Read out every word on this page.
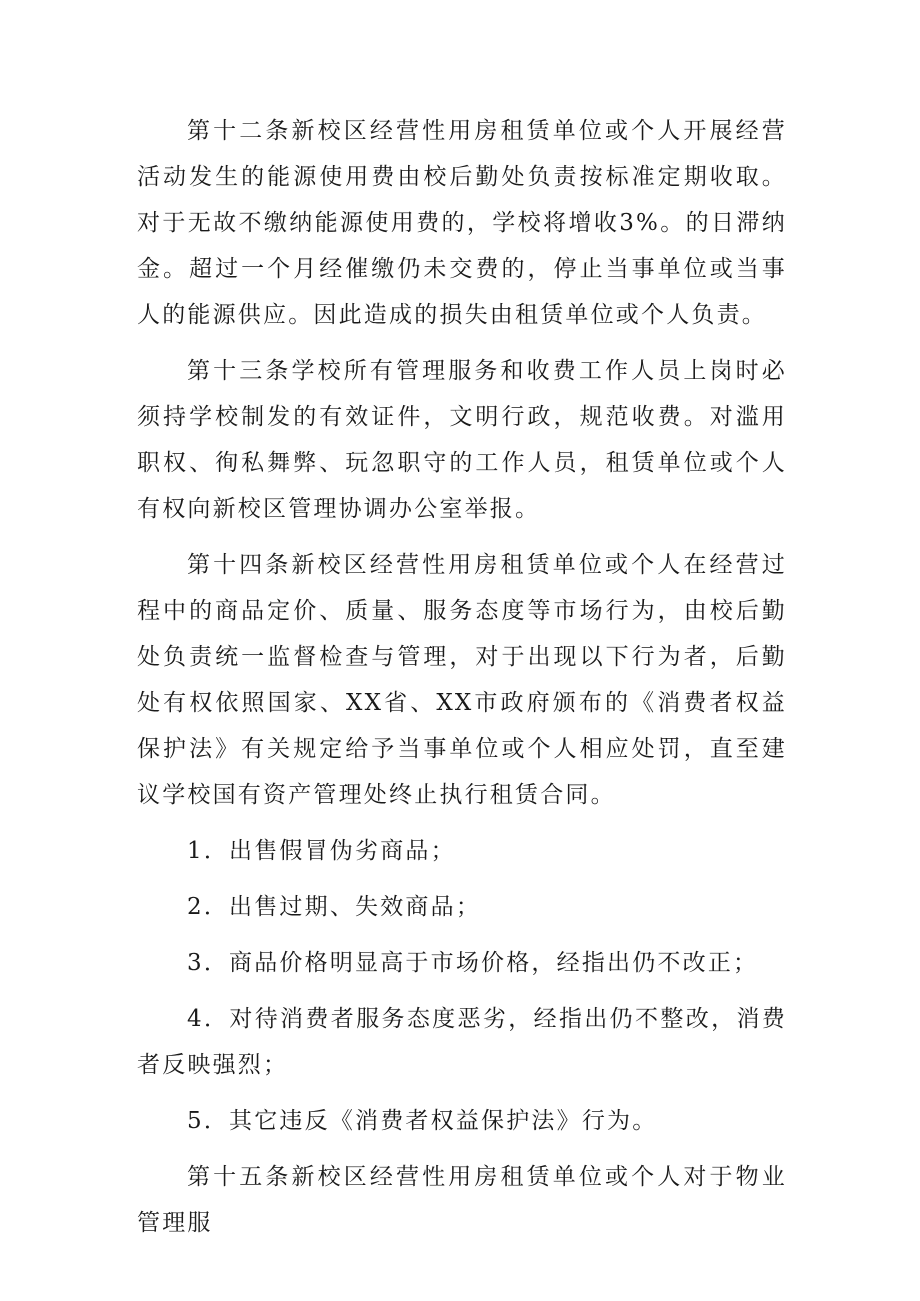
第十二条新校区经营性用房租赁单位或个人开展经营活动发生的能源使用费由校后勤处负责按标准定期收取。对于无故不缴纳能源使用费的，学校将增收3%。的日滞纳金。超过一个月经催缴仍未交费的，停止当事单位或当事人的能源供应。因此造成的损失由租赁单位或个人负责。

第十三条学校所有管理服务和收费工作人员上岗时必须持学校制发的有效证件，文明行政，规范收费。对滥用职权、徇私舞弊、玩忽职守的工作人员，租赁单位或个人有权向新校区管理协调办公室举报。

第十四条新校区经营性用房租赁单位或个人在经营过程中的商品定价、质量、服务态度等市场行为，由校后勤处负责统一监督检查与管理，对于出现以下行为者，后勤处有权依照国家、XX省、XX市政府颁布的《消费者权益保护法》有关规定给予当事单位或个人相应处罚，直至建议学校国有资产管理处终止执行租赁合同。

1．出售假冒伪劣商品；

2．出售过期、失效商品；

3．商品价格明显高于市场价格，经指出仍不改正；

4．对待消费者服务态度恶劣，经指出仍不整改，消费者反映强烈；

5．其它违反《消费者权益保护法》行为。

第十五条新校区经营性用房租赁单位或个人对于物业管理服
